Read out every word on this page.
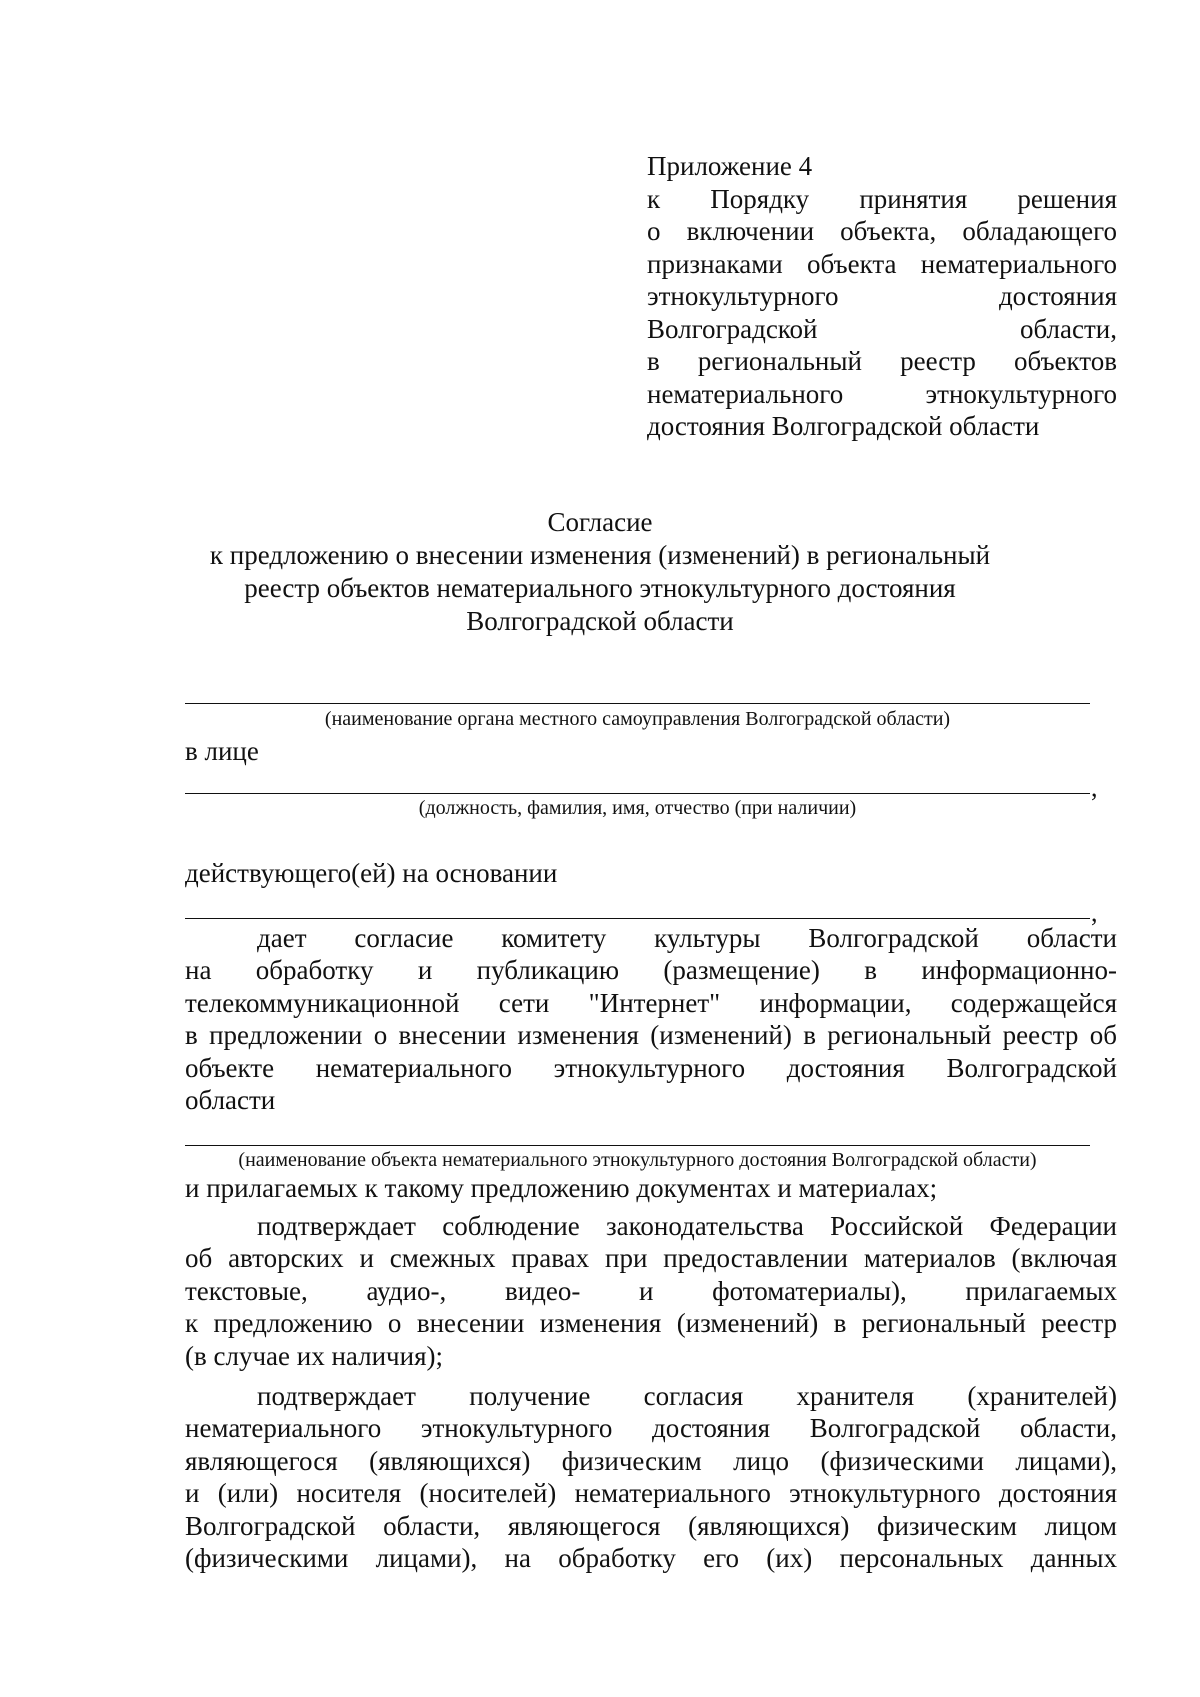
Приложение 4
к Порядку принятия решения
о включении объекта, обладающего
признаками объекта нематериального
этнокультурного достояния
Волгоградской области,
в региональный реестр объектов
нематериального этнокультурного
достояния Волгоградской области
Согласие
к предложению о внесении изменения (изменений) в региональный
реестр объектов нематериального этнокультурного достояния
Волгоградской области
(наименование органа местного самоуправления Волгоградской области)
в лице
,
(должность, фамилия, имя, отчество (при наличии)
действующего(ей) на основании
,
дает согласие комитету культуры Волгоградской области
на обработку и публикацию (размещение) в информационно-
телекоммуникационной сети "Интернет" информации, содержащейся
в предложении о внесении изменения (изменений) в региональный реестр об
объекте нематериального этнокультурного достояния Волгоградской
области
(наименование объекта нематериального этнокультурного достояния Волгоградской области)
и прилагаемых к такому предложению документах и материалах;
подтверждает соблюдение законодательства Российской Федерации
об авторских и смежных правах при предоставлении материалов (включая
текстовые, аудио-, видео- и фотоматериалы), прилагаемых
к предложению о внесении изменения (изменений) в региональный реестр
(в случае их наличия);
подтверждает получение согласия хранителя (хранителей)
нематериального этнокультурного достояния Волгоградской области,
являющегося (являющихся) физическим лицо (физическими лицами),
и (или) носителя (носителей) нематериального этнокультурного достояния
Волгоградской области, являющегося (являющихся) физическим лицом
(физическими лицами), на обработку его (их) персональных данных
